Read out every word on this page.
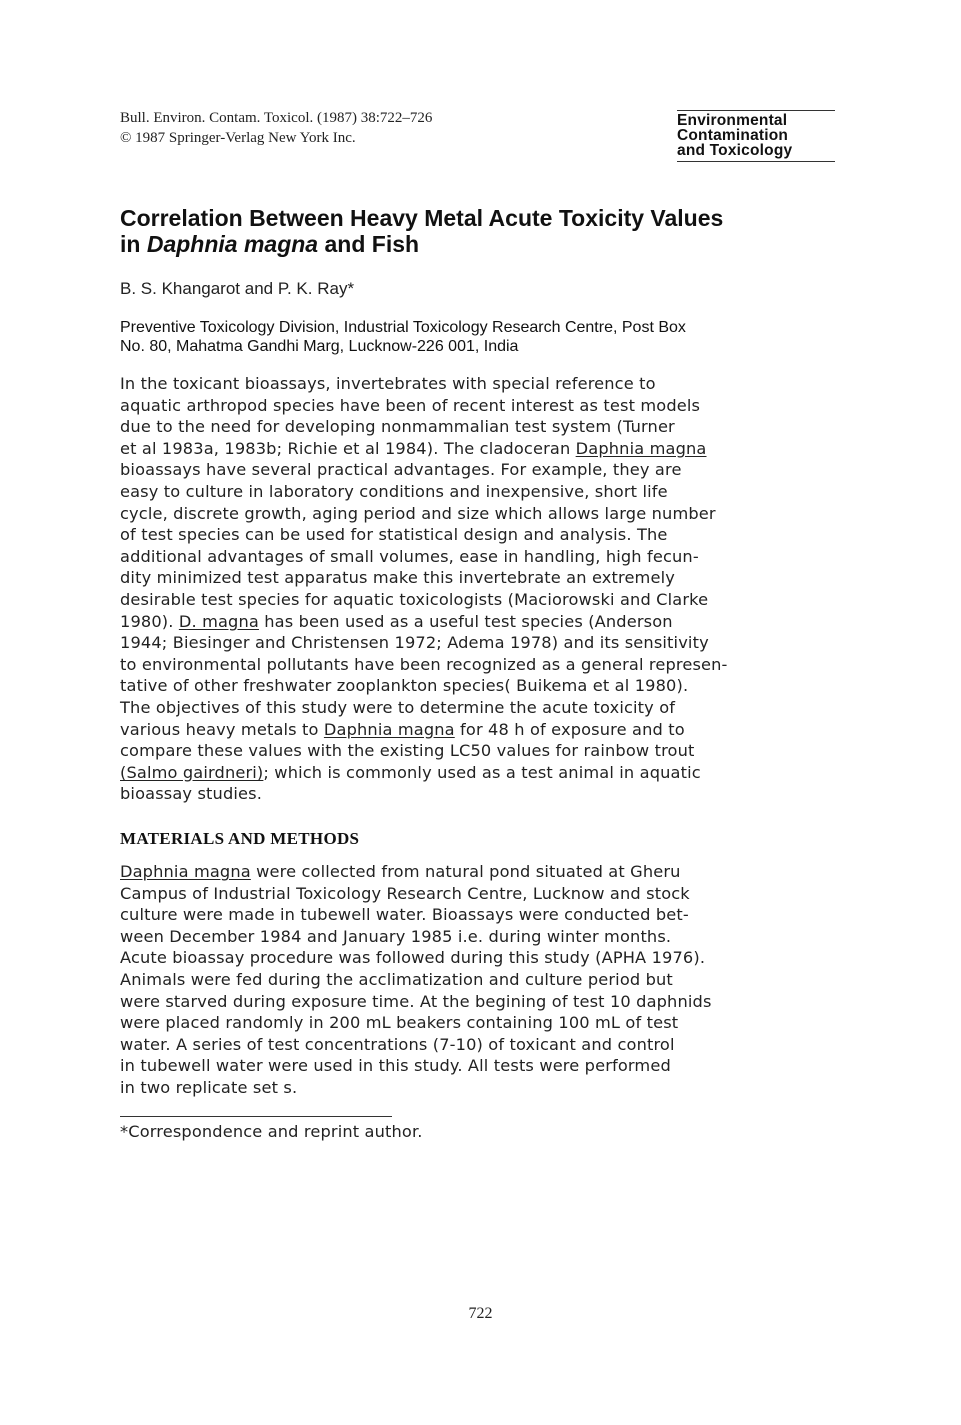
Bull. Environ. Contam. Toxicol. (1987) 38:722–726
© 1987 Springer-Verlag New York Inc.
Environmental
Contamination
and Toxicology
Correlation Between Heavy Metal Acute Toxicity Values
in Daphnia magna and Fish
B. S. Khangarot and P. K. Ray*
Preventive Toxicology Division, Industrial Toxicology Research Centre, Post Box
No. 80, Mahatma Gandhi Marg, Lucknow-226 001, India
In the toxicant bioassays, invertebrates with special reference to
aquatic arthropod species have been of recent interest as test models
due to the need for developing nonmammalian test system (Turner
et al 1983a, 1983b; Richie et al 1984). The cladoceran Daphnia magna
bioassays have several practical advantages. For example, they are
easy to culture in laboratory conditions and inexpensive, short life
cycle, discrete growth, aging period and size which allows large number
of test species can be used for statistical design and analysis. The
additional advantages of small volumes, ease in handling, high fecun-
dity minimized test apparatus make this invertebrate an extremely
desirable test species for aquatic toxicologists (Maciorowski and Clarke
1980). D. magna has been used as a useful test species (Anderson
1944; Biesinger and Christensen 1972; Adema 1978) and its sensitivity
to environmental pollutants have been recognized as a general represen-
tative of other freshwater zooplankton species( Buikema et al 1980).
The objectives of this study were to determine the acute toxicity of
various heavy metals to Daphnia magna for 48 h of exposure and to
compare these values with the existing LC50 values for rainbow trout
(Salmo gairdneri); which is commonly used as a test animal in aquatic
bioassay studies.
MATERIALS AND METHODS
Daphnia magna were collected from natural pond situated at Gheru
Campus of Industrial Toxicology Research Centre, Lucknow and stock
culture were made in tubewell water. Bioassays were conducted bet-
ween December 1984 and January 1985 i.e. during winter months.
Acute bioassay procedure was followed during this study (APHA 1976).
Animals were fed during the acclimatization and culture period but
were starved during exposure time. At the begining of test 10 daphnids
were placed randomly in 200 mL beakers containing 100 mL of test
water. A series of test concentrations (7-10) of toxicant and control
in tubewell water were used in this study. All tests were performed
in two replicate set s.
*Correspondence and reprint author.
722
